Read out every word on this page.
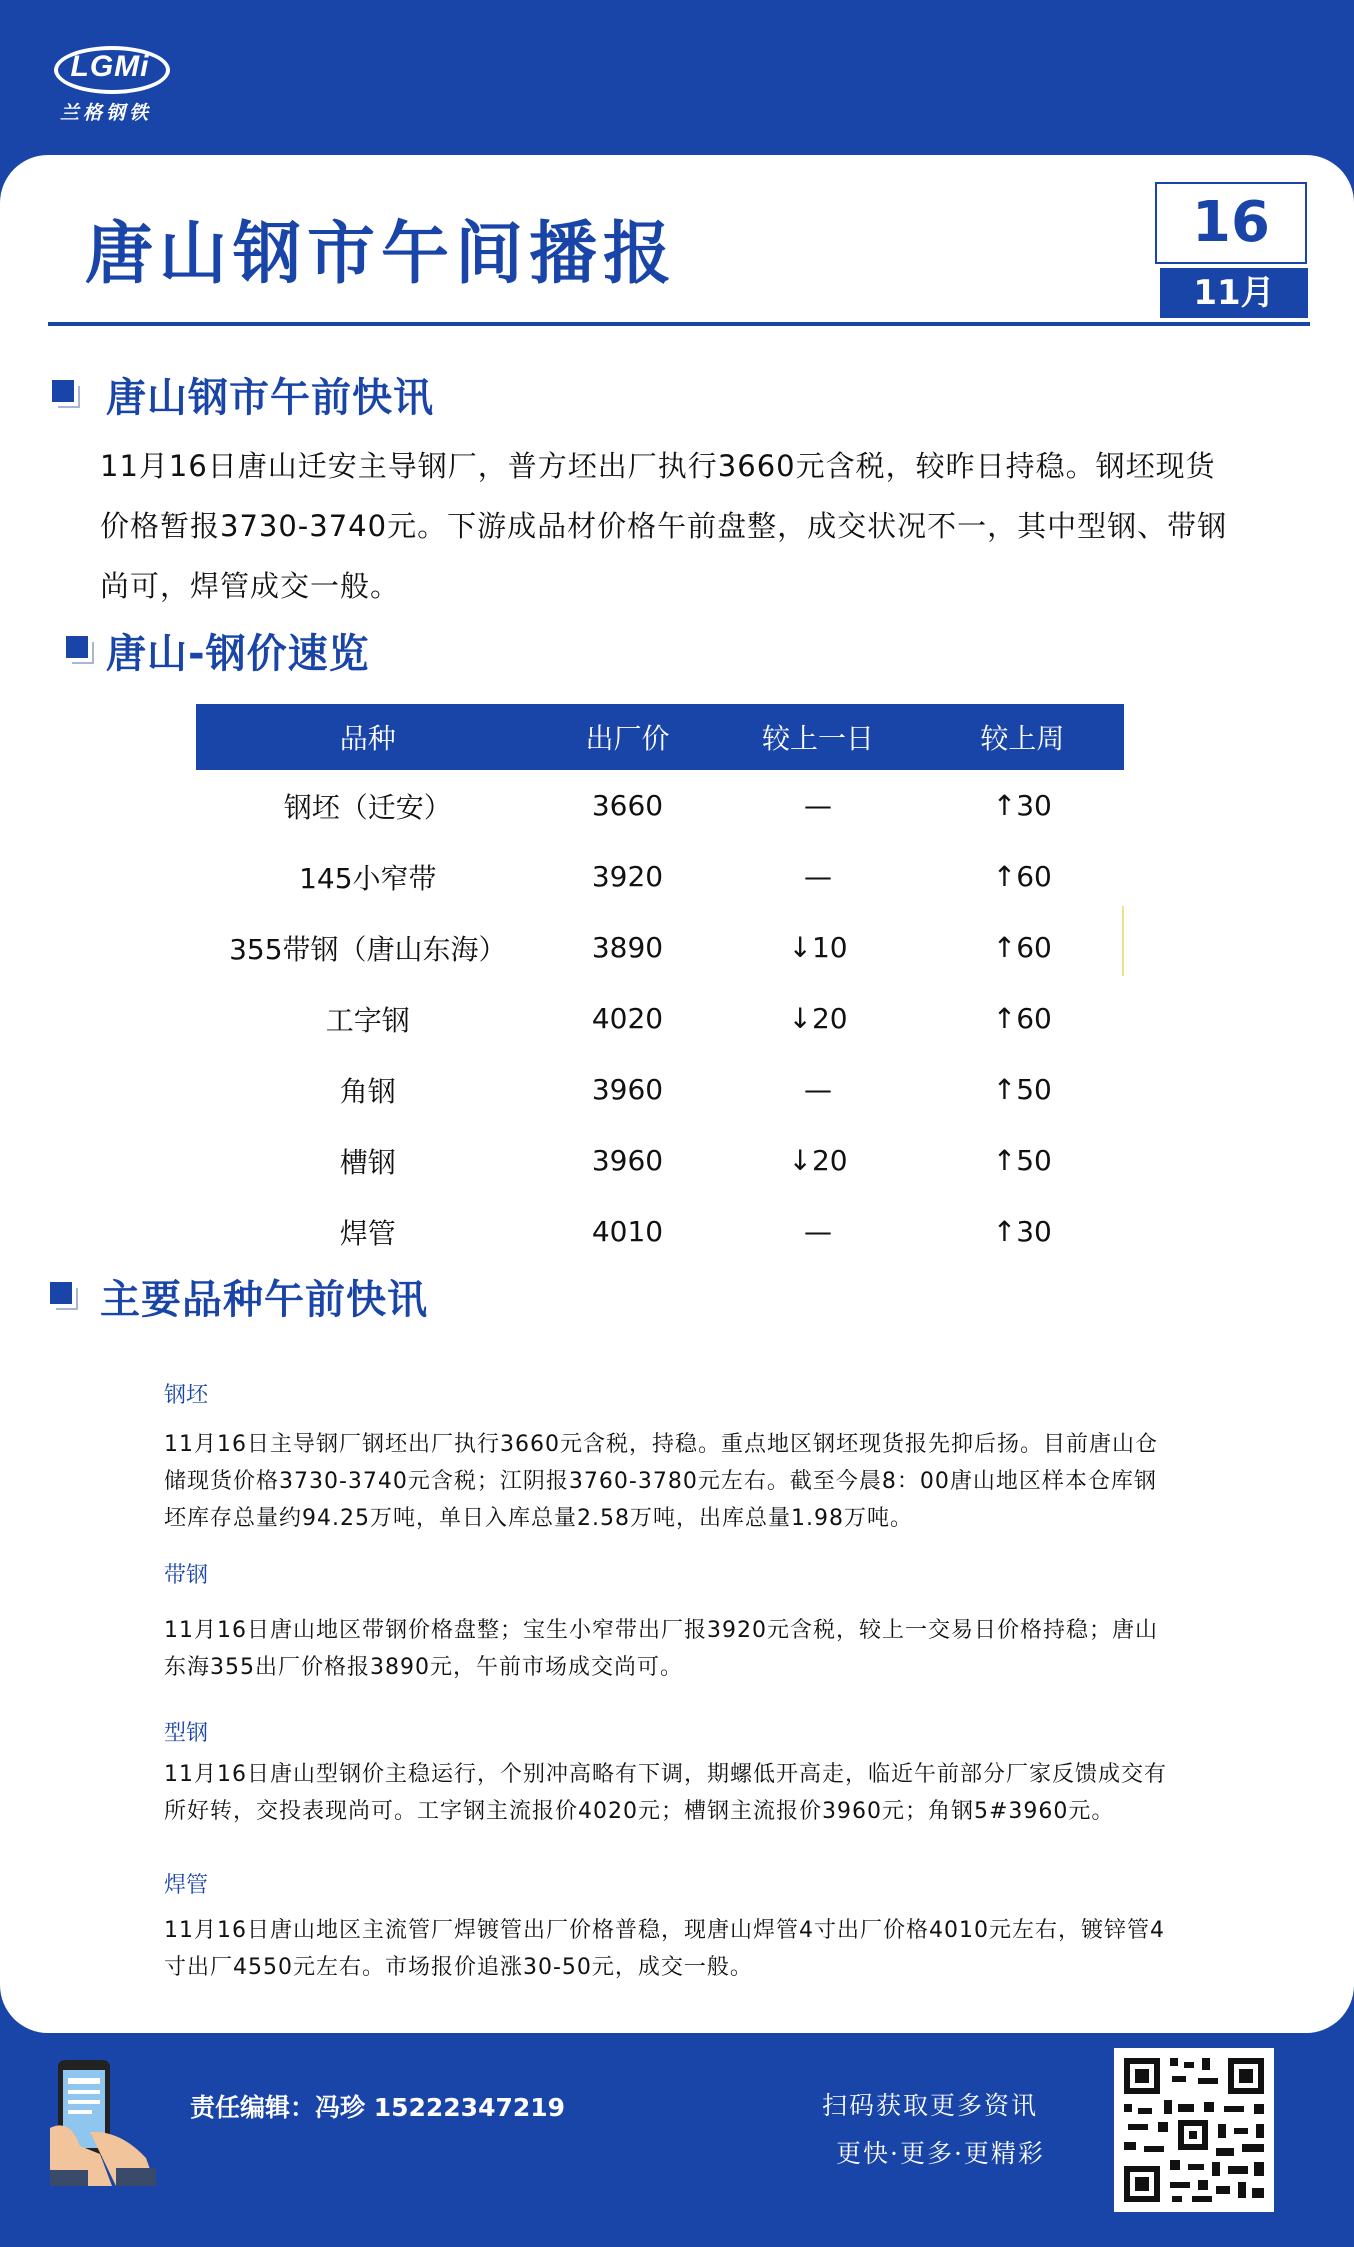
LGMi
兰格钢铁
唐山钢市午间播报	16
11月
唐山钢市午前快讯
11月16日唐山迁安主导钢厂，普方坯出厂执行3660元含税，较昨日持稳。钢坯现货价格暂报3730-3740元。下游成品材价格午前盘整，成交状况不一，其中型钢、带钢尚可，焊管成交一般。
唐山-钢价速览
品种	出厂价	较上一日	较上周
钢坯（迁安）	3660	—	↑30
145小窄带	3920	—	↑60
355带钢（唐山东海）	3890	↓10	↑60
工字钢	4020	↓20	↑60
角钢	3960	—	↑50
槽钢	3960	↓20	↑50
焊管	4010	—	↑30
主要品种午前快讯
钢坯
11月16日主导钢厂钢坯出厂执行3660元含税，持稳。重点地区钢坯现货报先抑后扬。目前唐山仓储现货价格3730-3740元含税；江阴报3760-3780元左右。截至今晨8：00唐山地区样本仓库钢坯库存总量约94.25万吨，单日入库总量2.58万吨，出库总量1.98万吨。
带钢
11月16日唐山地区带钢价格盘整；宝生小窄带出厂报3920元含税，较上一交易日价格持稳；唐山东海355出厂价格报3890元，午前市场成交尚可。
型钢
11月16日唐山型钢价主稳运行，个别冲高略有下调，期螺低开高走，临近午前部分厂家反馈成交有所好转，交投表现尚可。工字钢主流报价4020元；槽钢主流报价3960元；角钢5#3960元。
焊管
11月16日唐山地区主流管厂焊镀管出厂价格普稳，现唐山焊管4寸出厂价格4010元左右，镀锌管4寸出厂4550元左右。市场报价追涨30-50元，成交一般。
责任编辑：冯珍 15222347219	扫码获取更多资讯
更快·更多·更精彩
